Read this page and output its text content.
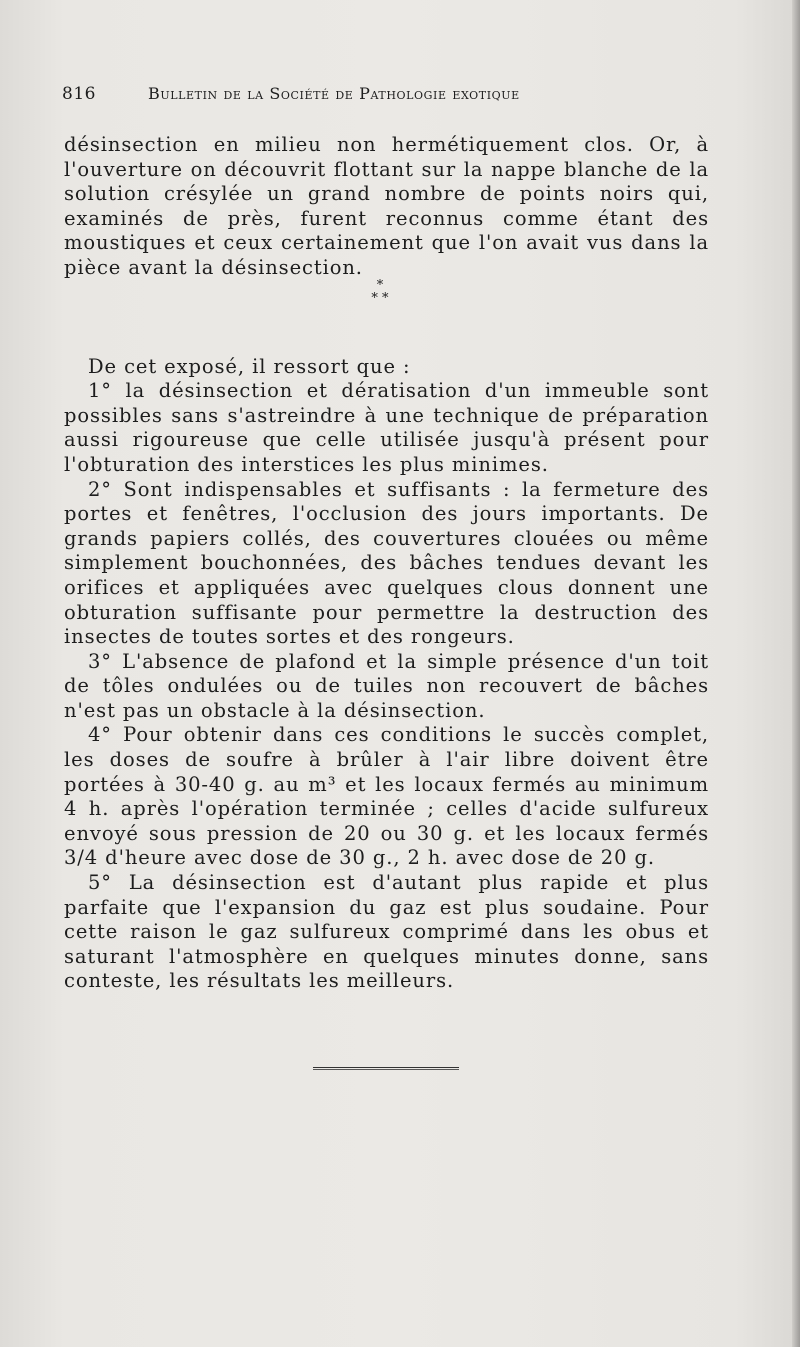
816	Bulletin de la Société de Pathologie exotique

désinsection en milieu non hermétiquement clos. Or, à l'ouverture on découvrit flottant sur la nappe blanche de la solution crésylée un grand nombre de points noirs qui, examinés de près, furent reconnus comme étant des moustiques et ceux certainement que l'on avait vus dans la pièce avant la désinsection.

De cet exposé, il ressort que :

1° la désinsection et dératisation d'un immeuble sont possibles sans s'astreindre à une technique de préparation aussi rigoureuse que celle utilisée jusqu'à présent pour l'obturation des interstices les plus minimes.

2° Sont indispensables et suffisants : la fermeture des portes et fenêtres, l'occlusion des jours importants. De grands papiers collés, des couvertures clouées ou même simplement bouchonnées, des bâches tendues devant les orifices et appliquées avec quelques clous donnent une obturation suffisante pour permettre la destruction des insectes de toutes sortes et des rongeurs.

3° L'absence de plafond et la simple présence d'un toit de tôles ondulées ou de tuiles non recouvert de bâches n'est pas un obstacle à la désinsection.

4° Pour obtenir dans ces conditions le succès complet, les doses de soufre à brûler à l'air libre doivent être portées à 30-40 g. au m³ et les locaux fermés au minimum 4 h. après l'opération terminée ; celles d'acide sulfureux envoyé sous pression de 20 ou 30 g. et les locaux fermés 3/4 d'heure avec dose de 30 g., 2 h. avec dose de 20 g.

5° La désinsection est d'autant plus rapide et plus parfaite que l'expansion du gaz est plus soudaine. Pour cette raison le gaz sulfureux comprimé dans les obus et saturant l'atmosphère en quelques minutes donne, sans conteste, les résultats les meilleurs.

*
* *
